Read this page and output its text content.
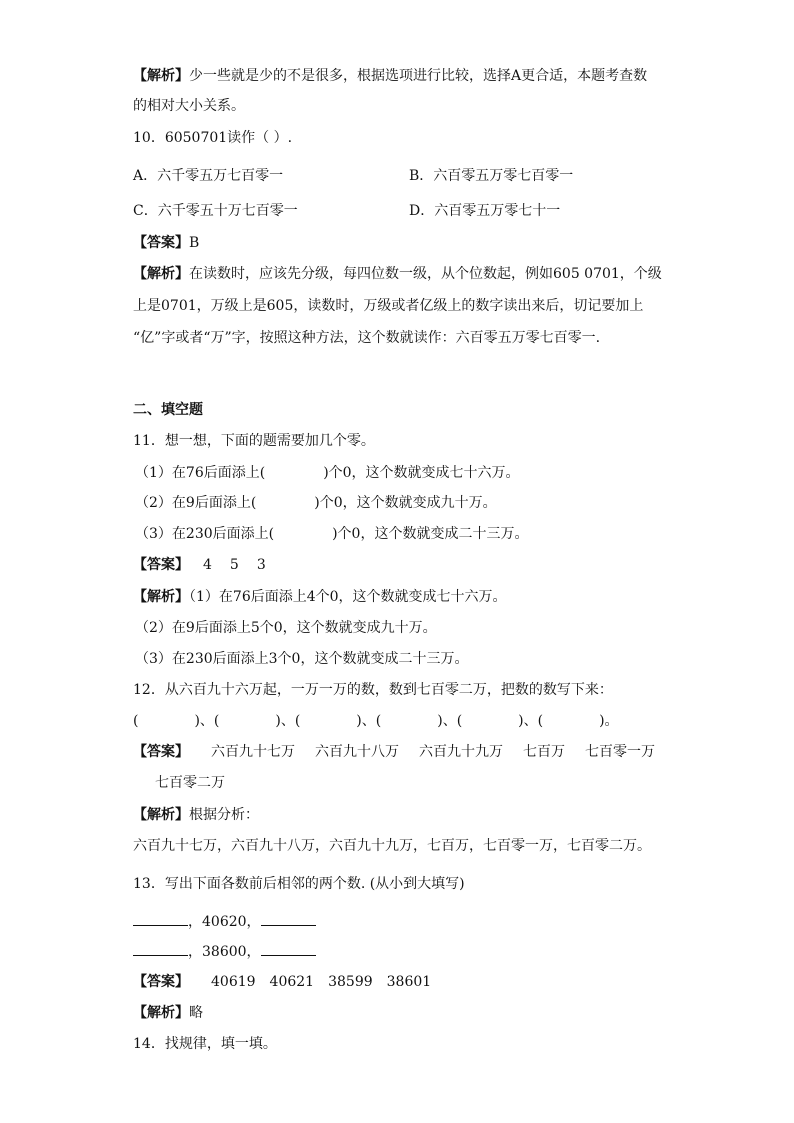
【解析】少一些就是少的不是很多，根据选项进行比较，选择A更合适，本题考查数
的相对大小关系。
10．6050701读作（ ）.
A．六千零五万七百零一	B．六百零五万零七百零一
C．六千零五十万七百零一	D．六百零五万零七十一
【答案】B
【解析】在读数时，应该先分级，每四位数一级，从个位数起，例如605 0701，个级
上是0701，万级上是605，读数时，万级或者亿级上的数字读出来后，切记要加上
“亿”字或者“万”字，按照这种方法，这个数就读作：六百零五万零七百零一.
二、填空题
11．想一想，下面的题需要加几个零。
（1）在76后面添上(	)个0，这个数就变成七十六万。
（2）在9后面添上(	)个0，这个数就变成九十万。
（3）在230后面添上(	)个0，这个数就变成二十三万。
【答案】 4 5 3
【解析】（1）在76后面添上4个0，这个数就变成七十六万。
（2）在9后面添上5个0，这个数就变成九十万。
（3）在230后面添上3个0，这个数就变成二十三万。
12．从六百九十六万起，一万一万的数，数到七百零二万，把数的数写下来：
(　　　　)、(　　　　)、(　　　　)、(　　　　)、(　　　　)、(　　　　)。
【答案】 六百九十七万 六百九十八万 六百九十九万 七百万 七百零一万
七百零二万
【解析】根据分析：
六百九十七万，六百九十八万，六百九十九万，七百万，七百零一万，七百零二万。
13．写出下面各数前后相邻的两个数. (从小到大填写)
，40620，
，38600，
【答案】 40619 40621 38599 38601
【解析】略
14．找规律，填一填。
